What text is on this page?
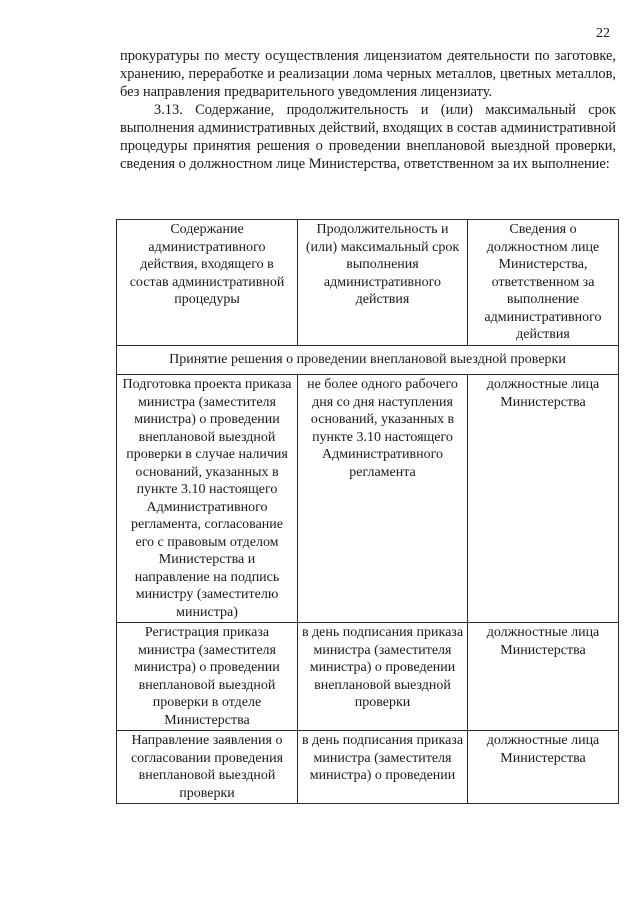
22

прокуратуры по месту осуществления лицензиатом деятельности по заготовке, хранению, переработке и реализации лома черных металлов, цветных металлов, без направления предварительного уведомления лицензиату.

3.13. Содержание, продолжительность и (или) максимальный срок выполнения административных действий, входящих в состав административной процедуры принятия решения о проведении внеплановой выездной проверки, сведения о должностном лице Министерства, ответственном за их выполнение:

Содержание административного действия, входящего в состав административной процедуры	Продолжительность и (или) максимальный срок выполнения административного действия	Сведения о должностном лице Министерства, ответственном за выполнение административного действия
Принятие решения о проведении внеплановой выездной проверки		
Подготовка проекта приказа министра (заместителя министра) о проведении внеплановой выездной проверки в случае наличия оснований, указанных в пункте 3.10 настоящего Административного регламента, согласование его с правовым отделом Министерства и направление на подпись министру (заместителю министра)	не более одного рабочего дня со дня наступления оснований, указанных в пункте 3.10 настоящего Административного регламента	должностные лица Министерства
Регистрация приказа министра (заместителя министра) о проведении внеплановой выездной проверки в отделе Министерства	в день подписания приказа министра (заместителя министра) о проведении внеплановой выездной проверки	должностные лица Министерства
Направление заявления о согласовании проведения внеплановой выездной проверки	в день подписания приказа министра (заместителя министра) о проведении	должностные лица Министерства
